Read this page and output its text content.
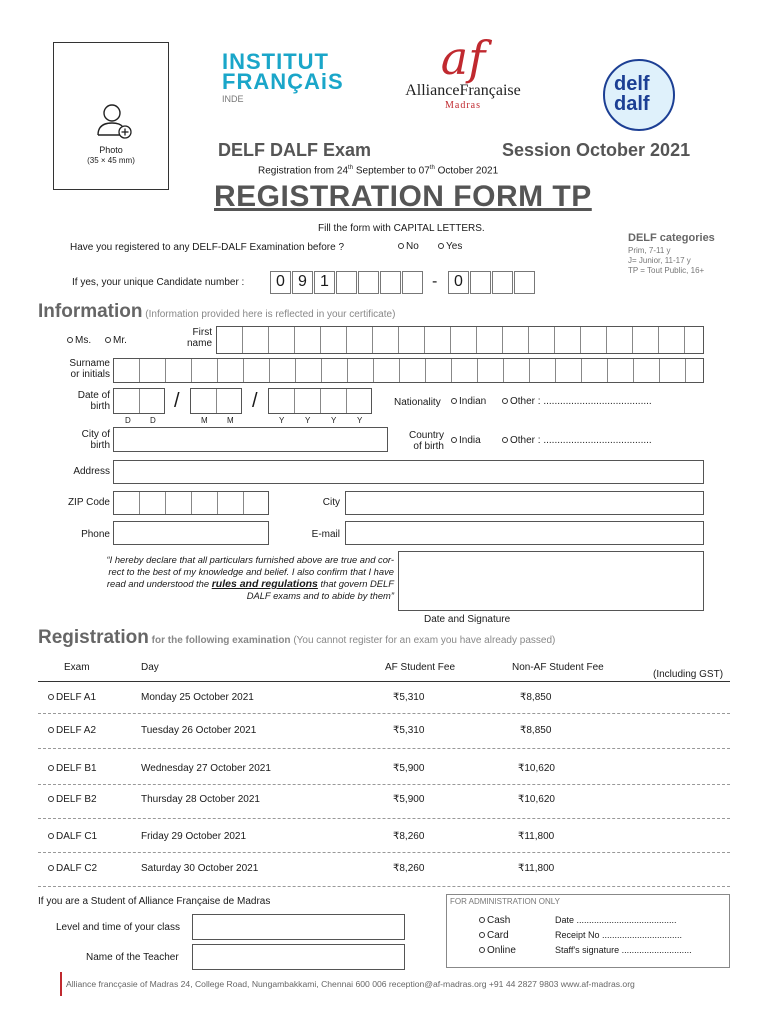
Photo
(35 × 45 mm)
INSTITUT
FRANÇAiS
INDE
af
AllianceFrançaise
Madras
delf
dalf
DELF DALF Exam	Session October 2021
Registration from 24th September to 07th October 2021
REGISTRATION FORM TP
Fill the form with CAPITAL LETTERS.
Have you registered to any DELF-DALF Examination before ?	No	Yes
If yes, your unique Candidate number :	0 9 1	-	0
DELF categories
Prim, 7-11 y
J= Junior, 11-17 y
TP = Tout Public, 16+
Information (Information provided here is reflected in your certificate)
Ms.	Mr.
First
name
Surname
or initials
Date of
birth	/	/
D D	M M	Y	Y	Y	Y
Nationality	Indian	Other : .......................................
City of
birth
Country
of birth
India	Other : .......................................
Address
ZIP Code	City
Phone	E-mail
“I hereby declare that all particulars furnished above are true and cor-
rect to the best of my knowledge and belief. I also confirm that I have
read and understood the rules and regulations that govern DELF
DALF exams and to abide by them”
Date and Signature
Registration for the following examination (You cannot register for an exam you have already passed)
Exam	Day	AF Student Fee	Non-AF Student Fee
(Including GST)
DELF A1	Monday 25 October 2021	₹5,310	₹8,850
DELF A2	Tuesday 26 October 2021	₹5,310	₹8,850
DELF B1	Wednesday 27 October 2021	₹5,900	₹10,620
DELF B2	Thursday 28 October 2021	₹5,900	₹10,620
DALF C1	Friday 29 October 2021	₹8,260	₹11,800
DALF C2	Saturday 30 October 2021	₹8,260	₹11,800
If you are a Student of Alliance Française de Madras
Level and time of your class
Name of the Teacher
FOR ADMINISTRATION ONLY
Cash
Card
Online
Date ........................................
Receipt No ................................
Staff's signature ............................
Alliance francçasie of Madras 24, College Road, Nungambakkami, Chennai 600 006 reception@af-madras.org +91 44 2827 9803 www.af-madras.org
